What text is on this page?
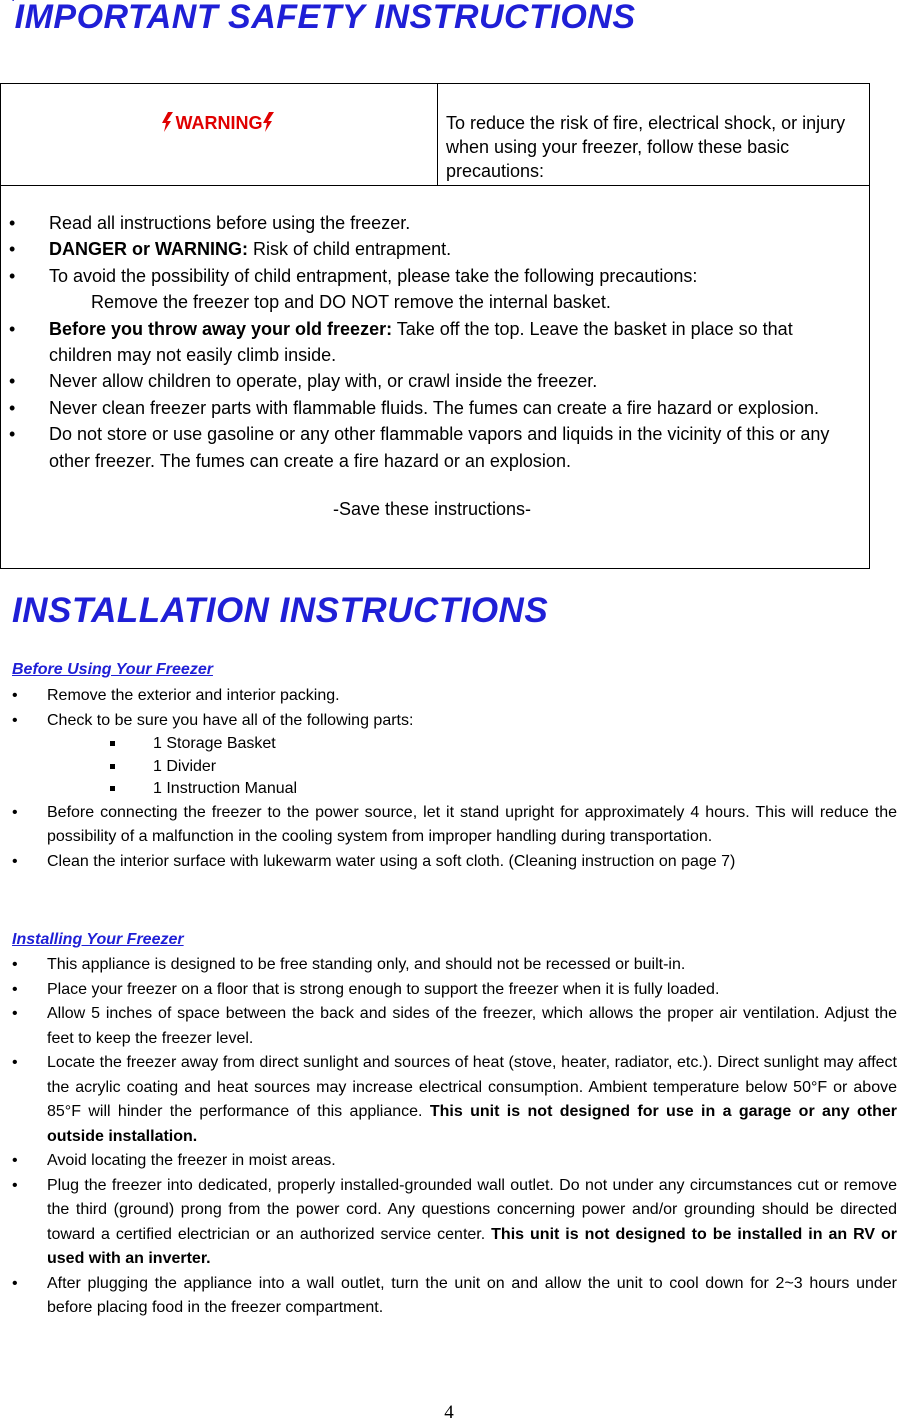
▪IMPORTANT SAFETY INSTRUCTIONS
WARNING	To reduce the risk of fire, electrical shock, or injury when using your freezer, follow these basic precautions:

• Read all instructions before using the freezer.
• DANGER or WARNING: Risk of child entrapment.
• To avoid the possibility of child entrapment, please take the following precautions:
Remove the freezer top and DO NOT remove the internal basket.
• Before you throw away your old freezer: Take off the top. Leave the basket in place so that children may not easily climb inside.
• Never allow children to operate, play with, or crawl inside the freezer.
• Never clean freezer parts with flammable fluids. The fumes can create a fire hazard or explosion.
• Do not store or use gasoline or any other flammable vapors and liquids in the vicinity of this or any other freezer. The fumes can create a fire hazard or an explosion.
-Save these instructions-
INSTALLATION INSTRUCTIONS
Before Using Your Freezer
• Remove the exterior and interior packing.
• Check to be sure you have all of the following parts:
1 Storage Basket
1 Divider
1 Instruction Manual
• Before connecting the freezer to the power source, let it stand upright for approximately 4 hours. This will reduce the possibility of a malfunction in the cooling system from improper handling during transportation.
• Clean the interior surface with lukewarm water using a soft cloth. (Cleaning instruction on page 7)
Installing Your Freezer
• This appliance is designed to be free standing only, and should not be recessed or built-in.
• Place your freezer on a floor that is strong enough to support the freezer when it is fully loaded.
• Allow 5 inches of space between the back and sides of the freezer, which allows the proper air ventilation. Adjust the feet to keep the freezer level.
• Locate the freezer away from direct sunlight and sources of heat (stove, heater, radiator, etc.). Direct sunlight may affect the acrylic coating and heat sources may increase electrical consumption. Ambient temperature below 50°F or above 85°F will hinder the performance of this appliance. This unit is not designed for use in a garage or any other outside installation.
• Avoid locating the freezer in moist areas.
• Plug the freezer into dedicated, properly installed-grounded wall outlet. Do not under any circumstances cut or remove the third (ground) prong from the power cord. Any questions concerning power and/or grounding should be directed toward a certified electrician or an authorized service center. This unit is not designed to be installed in an RV or used with an inverter.
• After plugging the appliance into a wall outlet, turn the unit on and allow the unit to cool down for 2~3 hours under before placing food in the freezer compartment.
4
